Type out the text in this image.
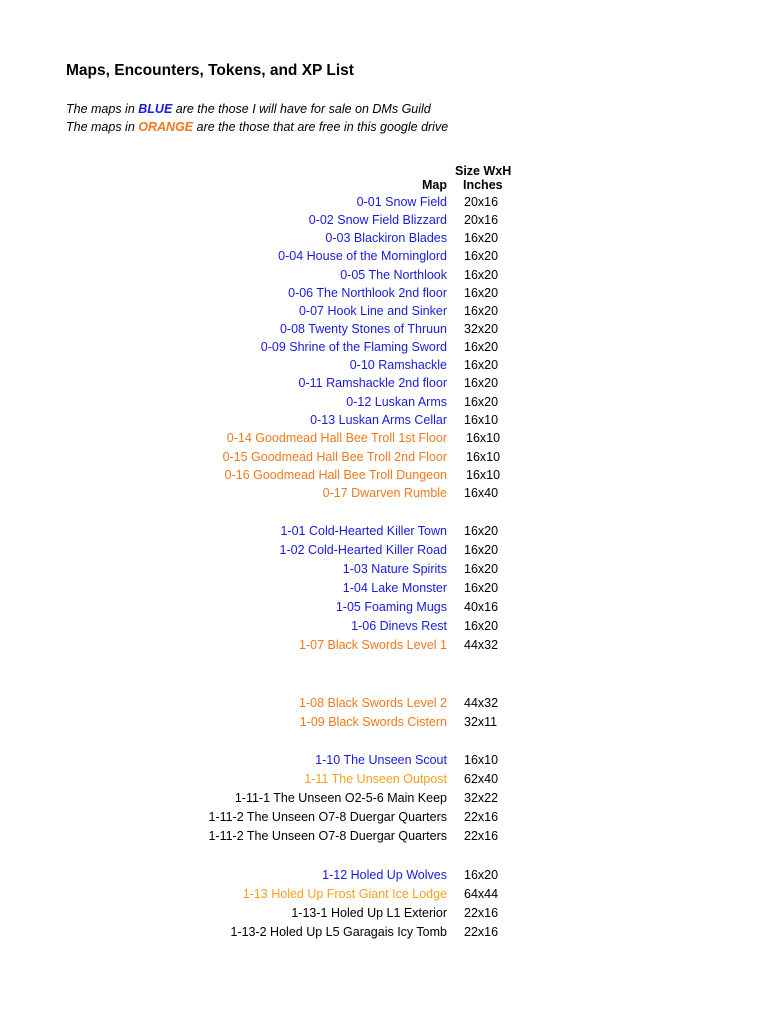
Maps, Encounters, Tokens, and XP List
The maps in BLUE are the those I will have for sale on DMs Guild
The maps in ORANGE are the those that are free in this google drive
Size WxH
Map Inches
0-01 Snow Field 20x16
0-02 Snow Field Blizzard 20x16
0-03 Blackiron Blades 16x20
0-04 House of the Morninglord 16x20
0-05 The Northlook 16x20
0-06 The Northlook 2nd floor 16x20
0-07 Hook Line and Sinker 16x20
0-08 Twenty Stones of Thruun 32x20
0-09 Shrine of the Flaming Sword 16x20
0-10 Ramshackle 16x20
0-11 Ramshackle 2nd floor 16x20
0-12 Luskan Arms 16x20
0-13 Luskan Arms Cellar 16x10
0-14 Goodmead Hall Bee Troll 1st Floor 16x10
0-15 Goodmead Hall Bee Troll 2nd Floor 16x10
0-16 Goodmead Hall Bee Troll Dungeon 16x10
0-17 Dwarven Rumble 16x40
1-01 Cold-Hearted Killer Town 16x20
1-02 Cold-Hearted Killer Road 16x20
1-03 Nature Spirits 16x20
1-04 Lake Monster 16x20
1-05 Foaming Mugs 40x16
1-06 Dinevs Rest 16x20
1-07 Black Swords Level 1 44x32
1-08 Black Swords Level 2 44x32
1-09 Black Swords Cistern 32x11
1-10 The Unseen Scout 16x10
1-11 The Unseen Outpost 62x40
1-11-1 The Unseen O2-5-6 Main Keep 32x22
1-11-2 The Unseen O7-8 Duergar Quarters 22x16
1-11-2 The Unseen O7-8 Duergar Quarters 22x16
1-12 Holed Up Wolves 16x20
1-13 Holed Up Frost Giant Ice Lodge 64x44
1-13-1 Holed Up L1 Exterior 22x16
1-13-2 Holed Up L5 Garagais Icy Tomb 22x16
